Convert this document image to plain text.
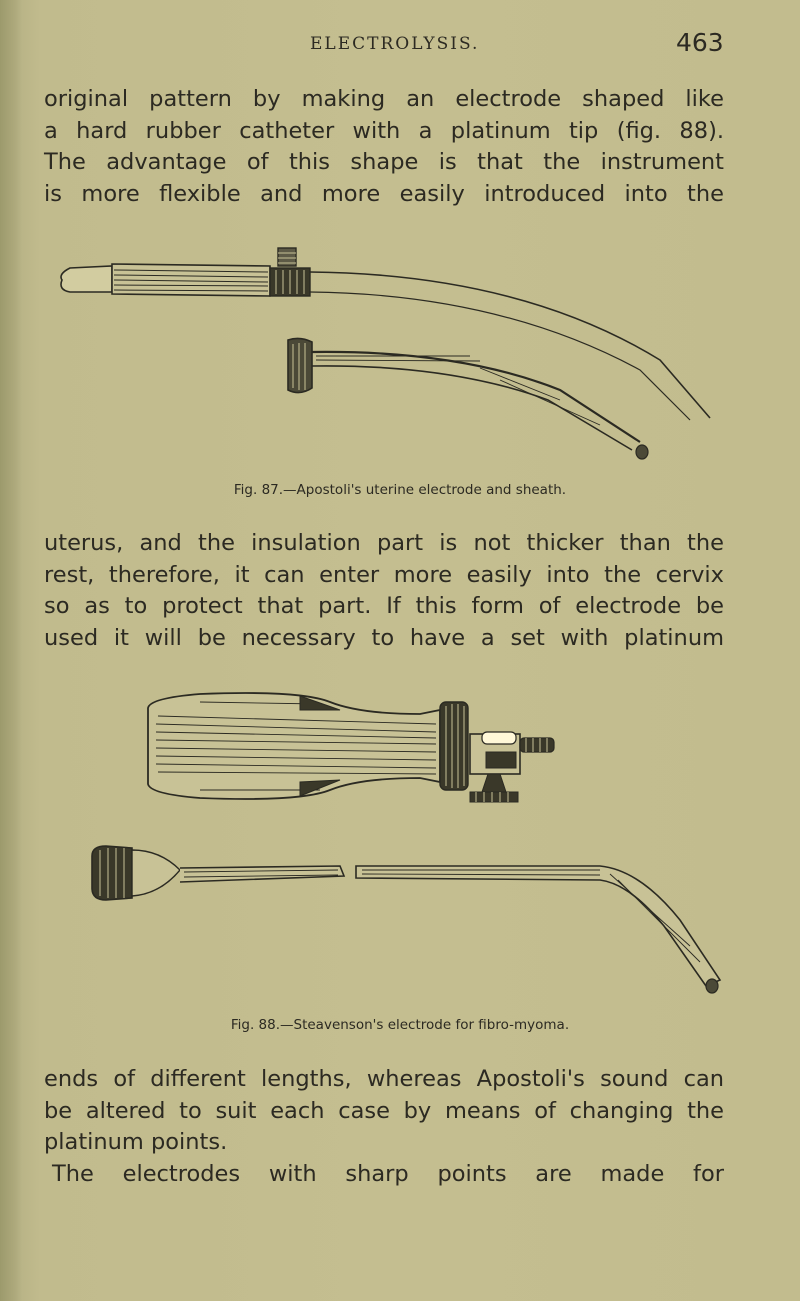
ELECTROLYSIS.	463
original pattern by making an electrode shaped like
a hard rubber catheter with a platinum tip (fig. 88).
The advantage of this shape is that the instrument
is more flexible and more easily introduced into the
Fig. 87.—Apostoli's uterine electrode and sheath.
uterus, and the insulation part is not thicker than the
rest, therefore, it can enter more easily into the cervix
so as to protect that part. If this form of electrode be
used it will be necessary to have a set with platinum
Fig. 88.—Steavenson's electrode for fibro-myoma.
ends of different lengths, whereas Apostoli's sound can
be altered to suit each case by means of changing the
platinum points.
The electrodes with sharp points are made for
